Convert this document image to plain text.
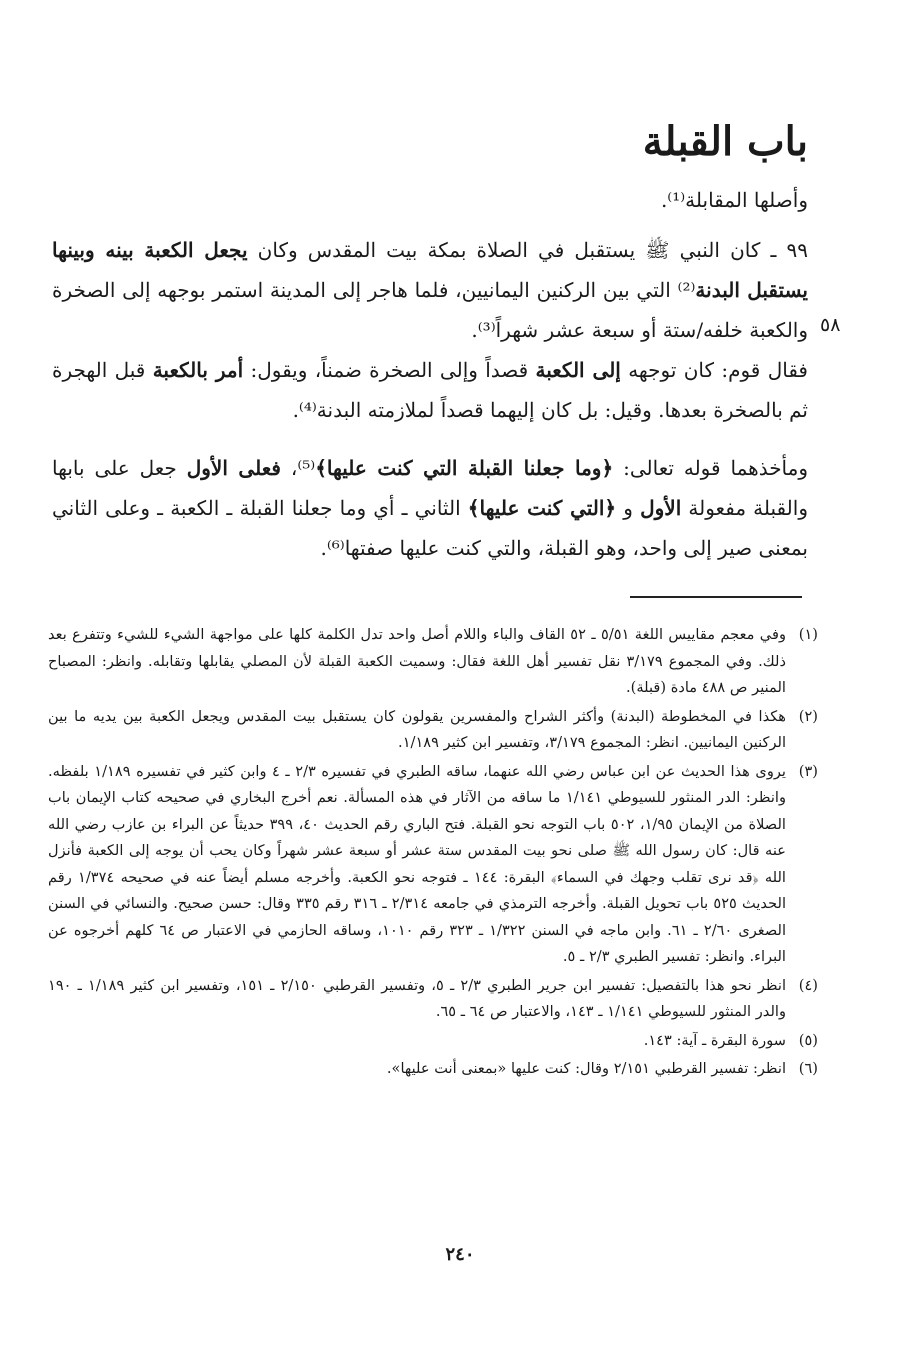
باب القبلة

وأصلها المقابلة⁽¹⁾.

٩٩ ـ كان النبي ﷺ يستقبل في الصلاة بمكة بيت المقدس وكان يجعل الكعبة بينه وبينها يستقبل البدنة⁽²⁾ التي بين الركنين اليمانيين، فلما هاجر إلى المدينة استمر بوجهه إلى الصخرة والكعبة خلفه/ستة أو سبعة عشر شهراً⁽³⁾. ٥٨

فقال قوم: كان توجهه إلى الكعبة قصداً وإلى الصخرة ضمناً، ويقول: أمر بالكعبة قبل الهجرة ثم بالصخرة بعدها. وقيل: بل كان إليهما قصداً لملازمته البدنة⁽⁴⁾.

وم‍أخذهما قوله تعالى: ﴿وما جعلنا القبلة التي كنت عليها﴾⁽⁵⁾، فعلى الأول جعل على بابها والقبلة مفعولة الأول و ﴿التي كنت عليها﴾ الثاني ـ أي وما جعلنا القبلة ـ الكعبة ـ وعلى الثاني بمعنى صير إلى واحد، وهو القبلة، والتي كنت عليها صفتها⁽⁶⁾.

(١)
وفي معجم مقاييس اللغة ٥/٥١ ـ ٥٢ القاف والباء واللام أصل واحد تدل الكلمة كلها على مواجهة الشيء للشيء وتتفرع بعد ذلك. وفي المجموع ٣/١٧٩ نقل تفسير أهل اللغة فقال: وسميت الكعبة القبلة لأن المصلي يقابلها وتقابله. وانظر: المصباح المنير ص ٤٨٨ مادة (قبلة).
(٢)
هكذا في المخطوطة (البدنة) وأكثر الشراح والمفسرين يقولون كان يستقبل بيت المقدس ويجعل الكعبة بين يديه ما بين الركنين اليمانيين. انظر: المجموع ٣/١٧٩، وتفسير ابن كثير ١/١٨٩.
(٣)
يروى هذا الحديث عن ابن عباس رضي الله عنهما، ساقه الطبري في تفسيره ٢/٣ ـ ٤ وابن كثير في تفسيره ١/١٨٩ بلفظه. وانظر: الدر المنثور للسيوطي ١/١٤١ ما ساقه من الآثار في هذه المسألة. نعم أخرج البخاري في صحيحه كتاب الإيمان باب الصلاة من الإيمان ١/٩٥، ٥٠٢ باب التوجه نحو القبلة. فتح الباري رقم الحديث ٤٠، ٣٩٩ حديثاً عن البراء بن عازب رضي الله عنه قال: كان رسول الله ﷺ صلى نحو بيت المقدس ستة عشر أو سبعة عشر شهراً وكان يحب أن يوجه إلى الكعبة فأنزل الله ﴿قد نرى تقلب وجهك في السماء﴾ البقرة: ١٤٤ ـ فتوجه نحو الكعبة. وأخرجه مسلم أيضاً عنه في صحيحه ١/٣٧٤ رقم الحديث ٥٢٥ باب تحويل القبلة. وأخرجه الترمذي في جامعه ٢/٣١٤ ـ ٣١٦ رقم ٣٣٥ وقال: حسن صحيح. والنسائي في السنن الصغرى ٢/٦٠ ـ ٦١. وابن ماجه في السنن ١/٣٢٢ ـ ٣٢٣ رقم ١٠١٠، وساقه الحازمي في الاعتبار ص ٦٤ كلهم أخرجوه عن البراء. وانظر: تفسير الطبري ٢/٣ ـ ٥.
(٤)
انظر نحو هذا بالتفصيل: تفسير ابن جرير الطبري ٢/٣ ـ ٥، وتفسير القرطبي ٢/١٥٠ ـ ١٥١، وتفسير ابن كثير ١/١٨٩ ـ ١٩٠ والدر المنثور للسيوطي ١/١٤١ ـ ١٤٣، والاعتبار ص ٦٤ ـ ٦٥.
(٥)
سورة البقرة ـ آية: ١٤٣.
(٦)
انظر: تفسير القرطبي ٢/١٥١ وقال: كنت عليها «بمعنى أنت عليها».
٢٤٠
